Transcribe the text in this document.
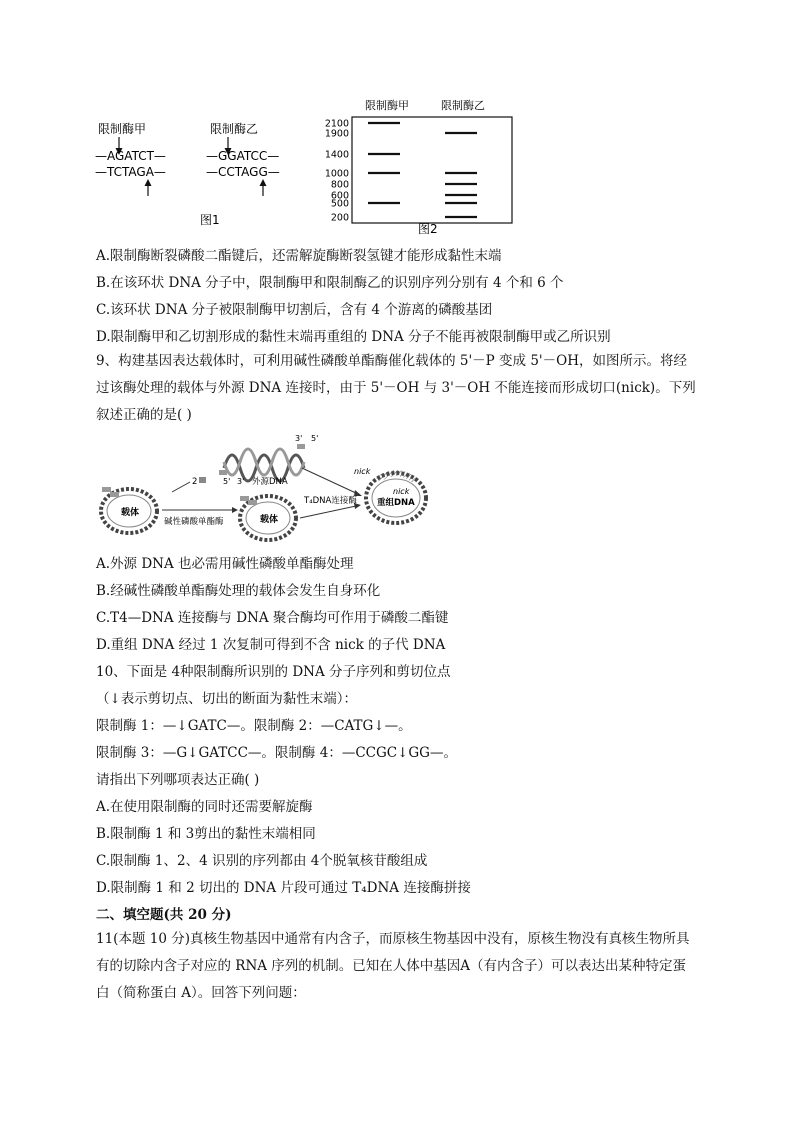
限制酶甲
—AGATCT—
—TCTAGA—
限制酶乙
—GGATCC—
—CCTAGG—
图1
限制酶甲	限制酶乙
2100
1900
1400
1000
800
600
500
200
图2
A.限制酶断裂磷酸二酯键后，还需解旋酶断裂氢键才能形成黏性末端
B.在该环状 DNA 分子中，限制酶甲和限制酶乙的识别序列分别有 4 个和 6 个
C.该环状 DNA 分子被限制酶甲切割后，含有 4 个游离的磷酸基团
D.限制酶甲和乙切割形成的黏性末端再重组的 DNA 分子不能再被限制酶甲或乙所识别
9、构建基因表达载体时，可利用碱性磷酸单酯酶催化载体的 5'－P 变成 5'－OH，如图所示。将经过该酶处理的载体与外源 DNA 连接时，由于 5'－OH 与 3'－OH 不能连接而形成切口(nick)。下列叙述正确的是( )
载体
碱性磷酸单酯酶
2
载体
3' 5'
5' 3' 外源DNA
T₄DNA连接酶
nick
nick
重组DNA
A.外源 DNA 也必需用碱性磷酸单酯酶处理
B.经碱性磷酸单酯酶处理的载体会发生自身环化
C.T4—DNA 连接酶与 DNA 聚合酶均可作用于磷酸二酯键
D.重组 DNA 经过 1 次复制可得到不含 nick 的子代 DNA
10、下面是 4种限制酶所识别的 DNA 分子序列和剪切位点
（↓表示剪切点、切出的断面为黏性末端）：
限制酶 1：—↓GATC—。限制酶 2：—CATG↓—。
限制酶 3：—G↓GATCC—。限制酶 4：—CCGC↓GG—。
请指出下列哪项表达正确( )
A.在使用限制酶的同时还需要解旋酶
B.限制酶 1 和 3剪出的黏性末端相同
C.限制酶 1、2、4 识别的序列都由 4个脱氧核苷酸组成
D.限制酶 1 和 2 切出的 DNA 片段可通过 T₄DNA 连接酶拼接
二、填空题(共 20 分)
11(本题 10 分)真核生物基因中通常有内含子，而原核生物基因中没有，原核生物没有真核生物所具有的切除内含子对应的 RNA 序列的机制。已知在人体中基因A（有内含子）可以表达出某种特定蛋白（简称蛋白 A）。回答下列问题：
